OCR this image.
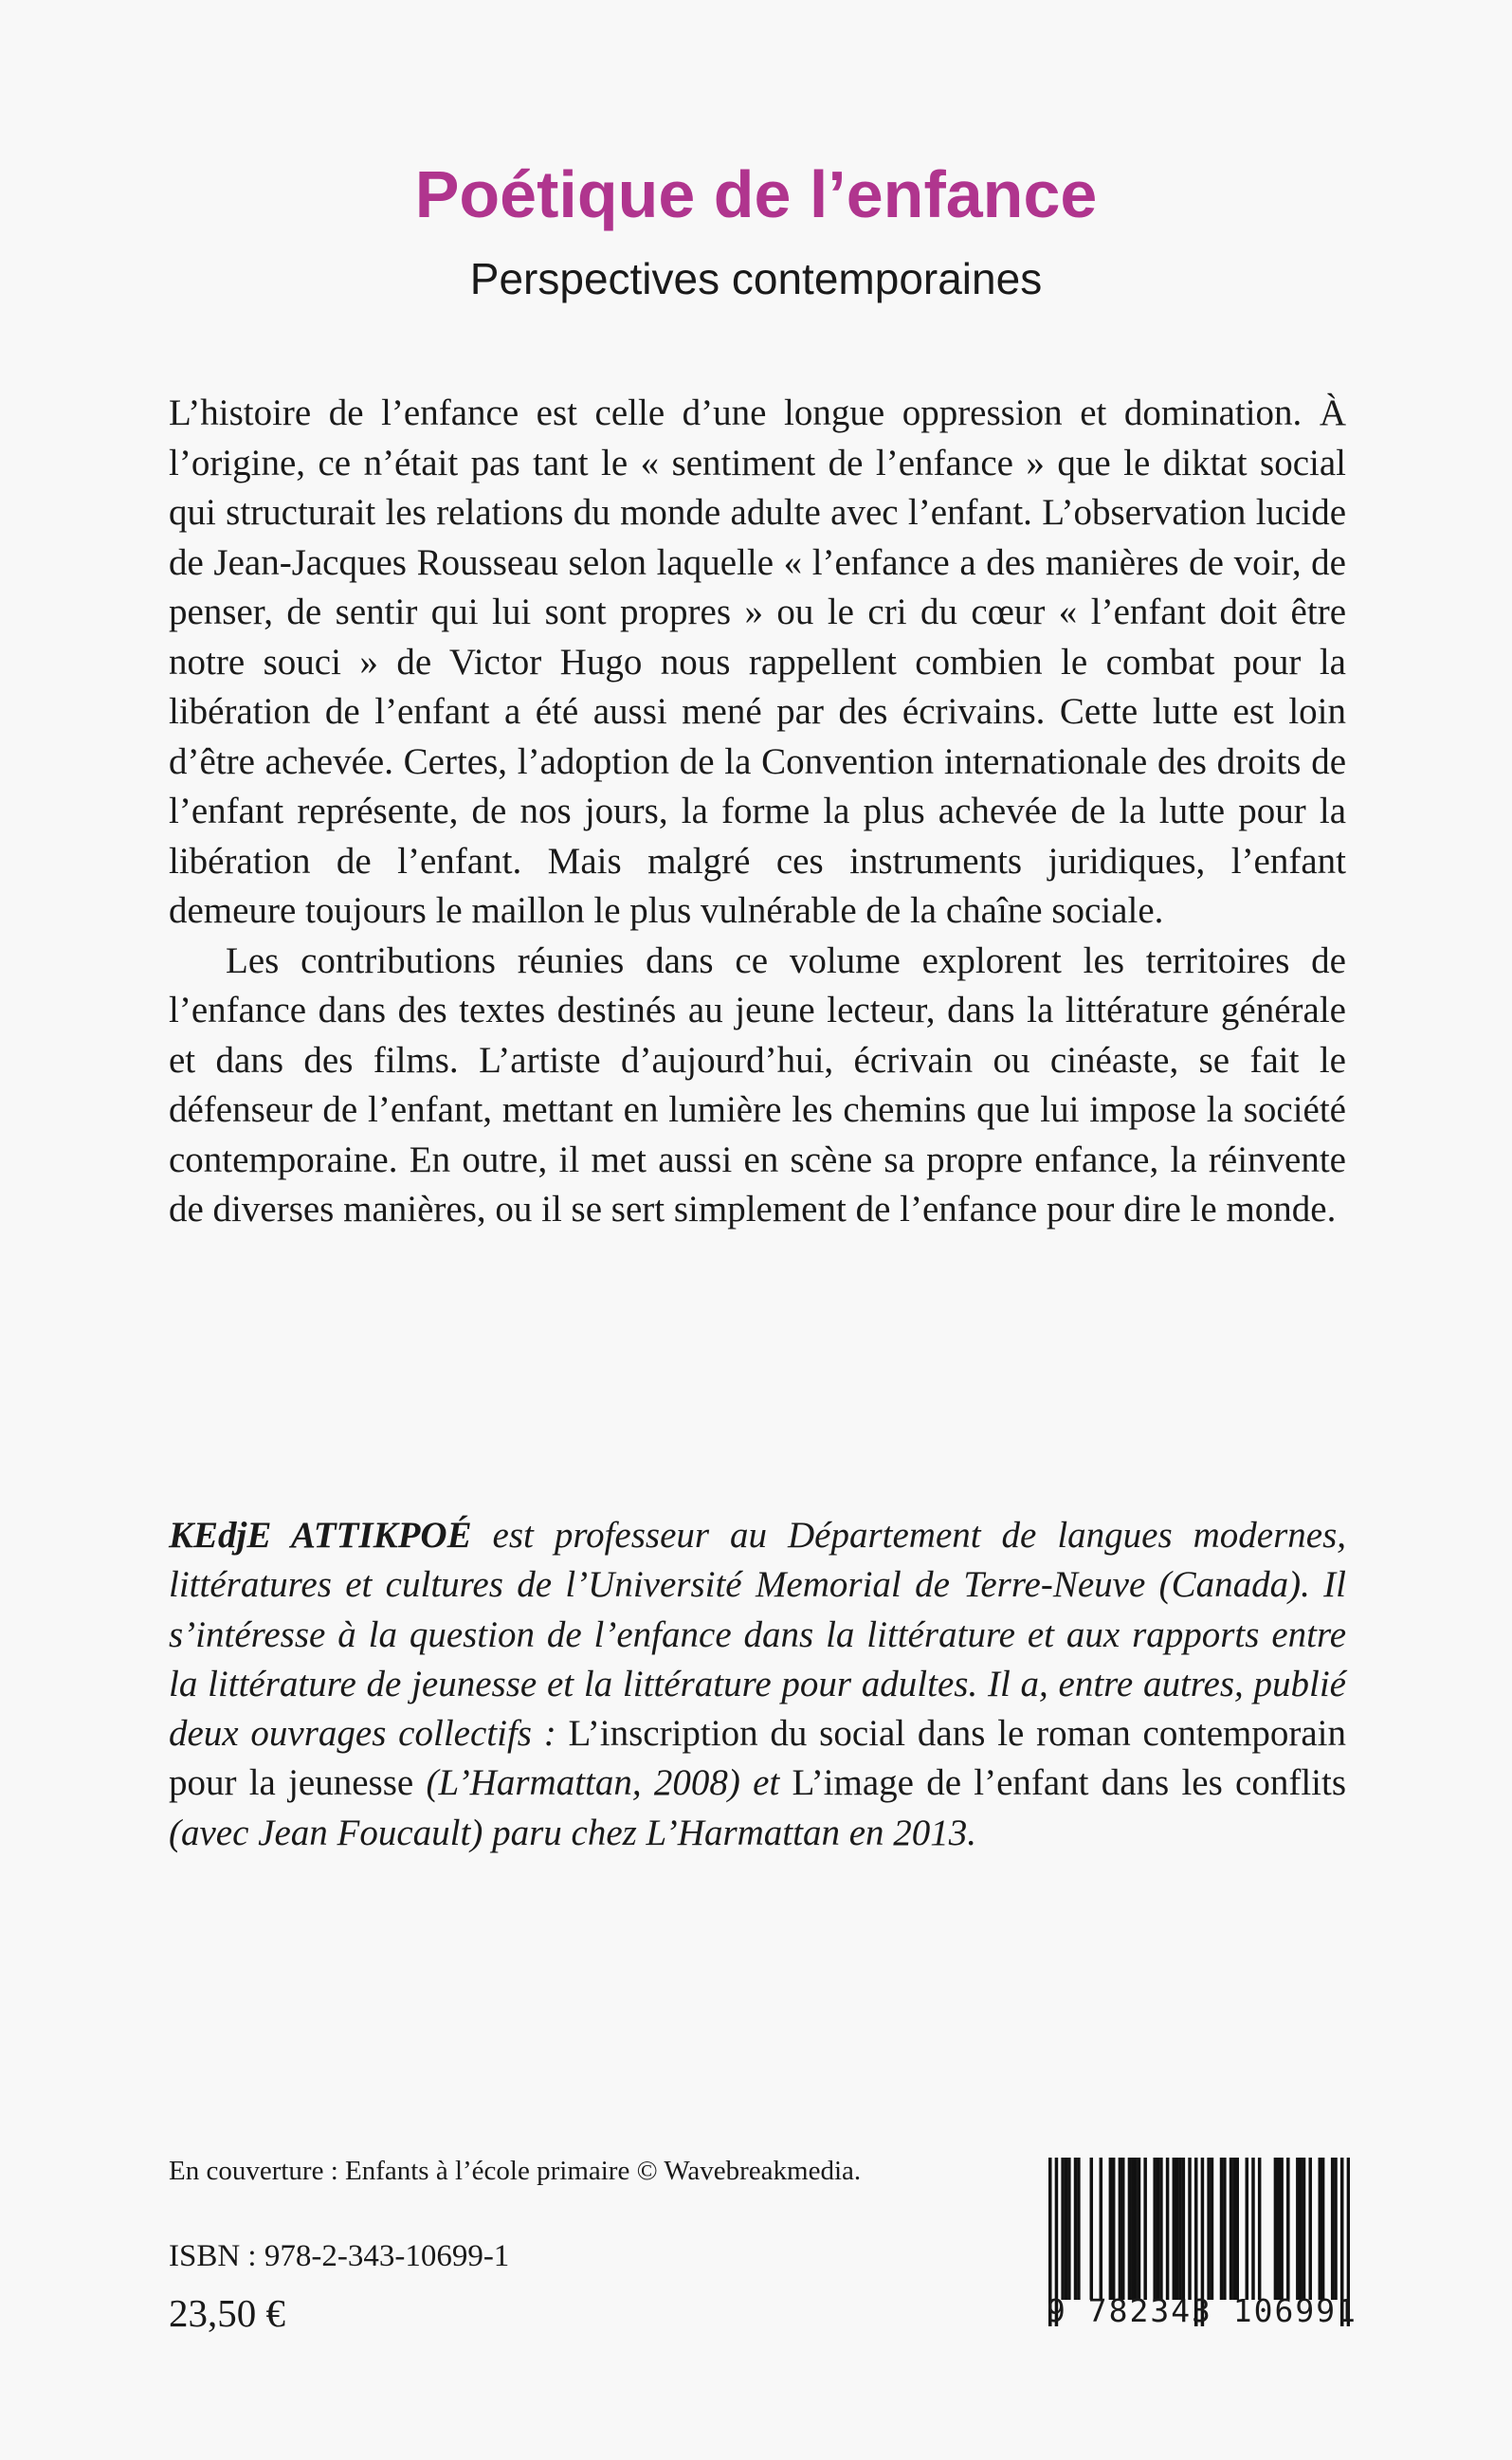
Poétique de l’enfance
Perspectives contemporaines

L’histoire de l’enfance est celle d’une longue oppression et domination. À l’origine, ce n’était pas tant le « sentiment de l’enfance » que le diktat social qui structurait les relations du monde adulte avec l’enfant. L’observation lucide de Jean-Jacques Rousseau selon laquelle « l’enfance a des manières de voir, de penser, de sentir qui lui sont propres » ou le cri du cœur « l’enfant doit être notre souci » de Victor Hugo nous rappellent combien le combat pour la libération de l’enfant a été aussi mené par des écrivains. Cette lutte est loin d’être achevée. Certes, l’adoption de la Convention internationale des droits de l’enfant représente, de nos jours, la forme la plus achevée de la lutte pour la libération de l’enfant. Mais malgré ces instruments juridiques, l’enfant demeure toujours le maillon le plus vulnérable de la chaîne sociale.

Les contributions réunies dans ce volume explorent les territoires de l’enfance dans des textes destinés au jeune lecteur, dans la littérature générale et dans des films. L’artiste d’aujourd’hui, écrivain ou cinéaste, se fait le défenseur de l’enfant, mettant en lumière les chemins que lui impose la société contemporaine. En outre, il met aussi en scène sa propre enfance, la réinvente de diverses manières, ou il se sert simplement de l’enfance pour dire le monde.

KEdjE ATTIKPOÉ est professeur au Département de langues modernes, littératures et cultures de l’Université Memorial de Terre-Neuve (Canada). Il s’intéresse à la question de l’enfance dans la littérature et aux rapports entre la littérature de jeunesse et la littérature pour adultes. Il a, entre autres, publié deux ouvrages collectifs : L’inscription du social dans le roman contemporain pour la jeunesse (L’Harmattan, 2008) et L’image de l’enfant dans les conflits (avec Jean Foucault) paru chez L’Harmattan en 2013.
En couverture : Enfants à l’école primaire © Wavebreakmedia.
ISBN : 978-2-343-10699-1
23,50 €	9 782343 106991
